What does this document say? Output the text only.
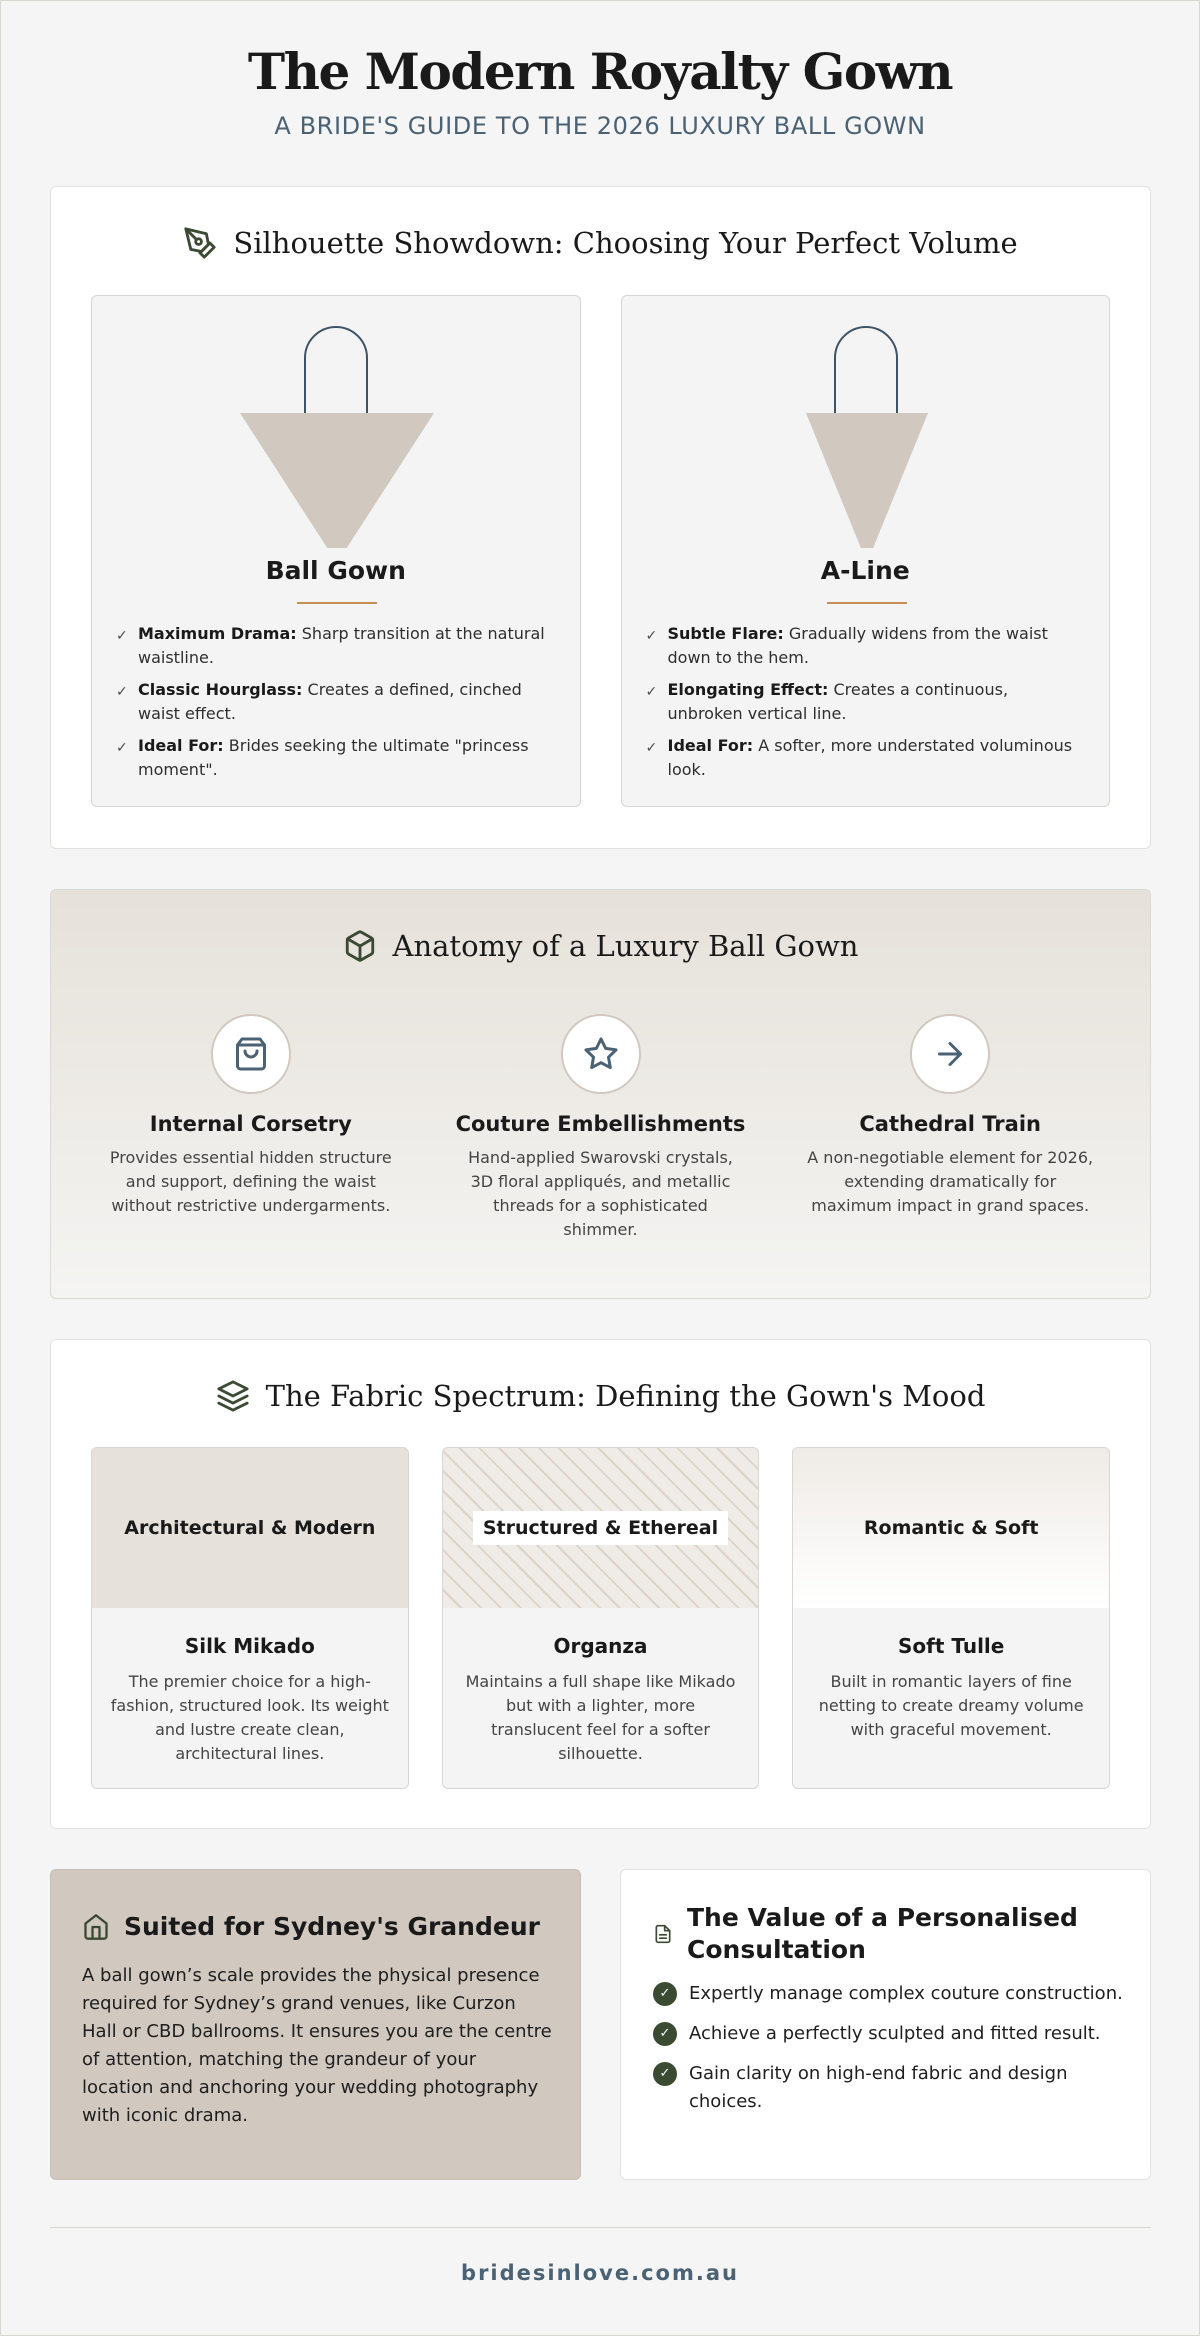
The Modern Royalty Gown
A BRIDE'S GUIDE TO THE 2026 LUXURY BALL GOWN
Silhouette Showdown: Choosing Your Perfect Volume
Ball Gown
✓ Maximum Drama: Sharp transition at the natural waistline.
✓ Classic Hourglass: Creates a defined, cinched waist effect.
✓ Ideal For: Brides seeking the ultimate "princess moment".
A-Line
✓ Subtle Flare: Gradually widens from the waist down to the hem.
✓ Elongating Effect: Creates a continuous, unbroken vertical line.
✓ Ideal For: A softer, more understated voluminous look.
Anatomy of a Luxury Ball Gown
Internal Corsetry
Provides essential hidden structure and support, defining the waist without restrictive undergarments.
Couture Embellishments
Hand-applied Swarovski crystals, 3D floral appliqués, and metallic threads for a sophisticated shimmer.
Cathedral Train
A non-negotiable element for 2026, extending dramatically for maximum impact in grand spaces.
The Fabric Spectrum: Defining the Gown's Mood
Architectural & Modern
Silk Mikado
The premier choice for a high-fashion, structured look. Its weight and lustre create clean, architectural lines.
Structured & Ethereal
Organza
Maintains a full shape like Mikado but with a lighter, more translucent feel for a softer silhouette.
Romantic & Soft
Soft Tulle
Built in romantic layers of fine netting to create dreamy volume with graceful movement.
Suited for Sydney's Grandeur
A ball gown’s scale provides the physical presence required for Sydney’s grand venues, like Curzon Hall or CBD ballrooms. It ensures you are the centre of attention, matching the grandeur of your location and anchoring your wedding photography with iconic drama.
The Value of a Personalised Consultation
✓	Expertly manage complex couture construction.
✓	Achieve a perfectly sculpted and fitted result.
✓	Gain clarity on high-end fabric and design choices.
bridesinlove.com.au
